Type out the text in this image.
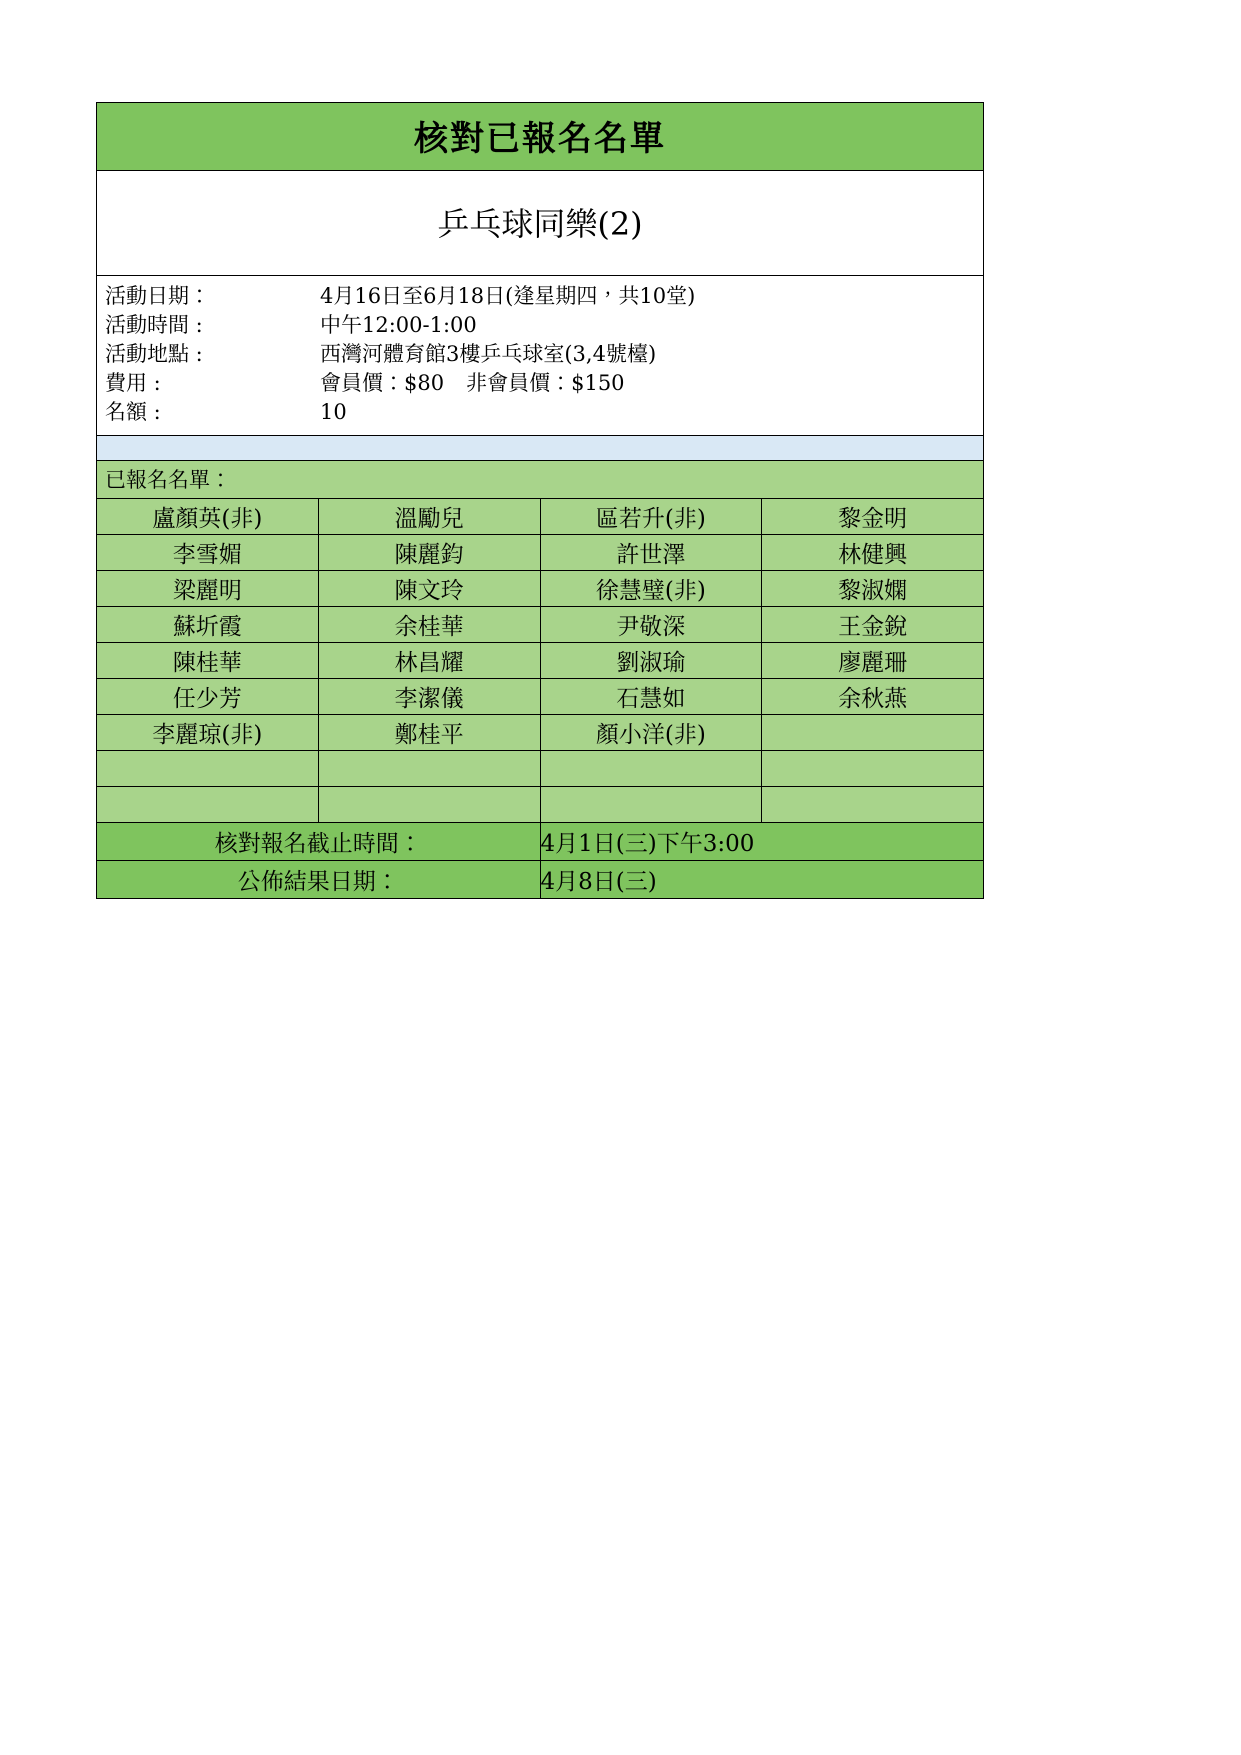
核對已報名名單
乒乓球同樂(2)
活動日期：	4月16日至6月18日(逢星期四，共10堂)
活動時間 :	中午12:00-1:00
活動地點 :	西灣河體育館3樓乒乓球室(3,4號檯)
費用 :	會員價：$80 非會員價：$150
名額 :	10
已報名名單：
盧顏英(非)	溫勵兒	區若升(非)	黎金明
李雪媚	陳麗鈞	許世澤	林健興
梁麗明	陳文玲	徐慧璧(非)	黎淑嫻
蘇圻霞	余桂華	尹敬深	王金銳
陳桂華	林昌耀	劉淑瑜	廖麗珊
任少芳	李潔儀	石慧如	余秋燕
李麗琼(非)	鄭桂平	顏小洋(非)	

核對報名截止時間：	4月1日(三)下午3:00
公佈結果日期：	4月8日(三)
